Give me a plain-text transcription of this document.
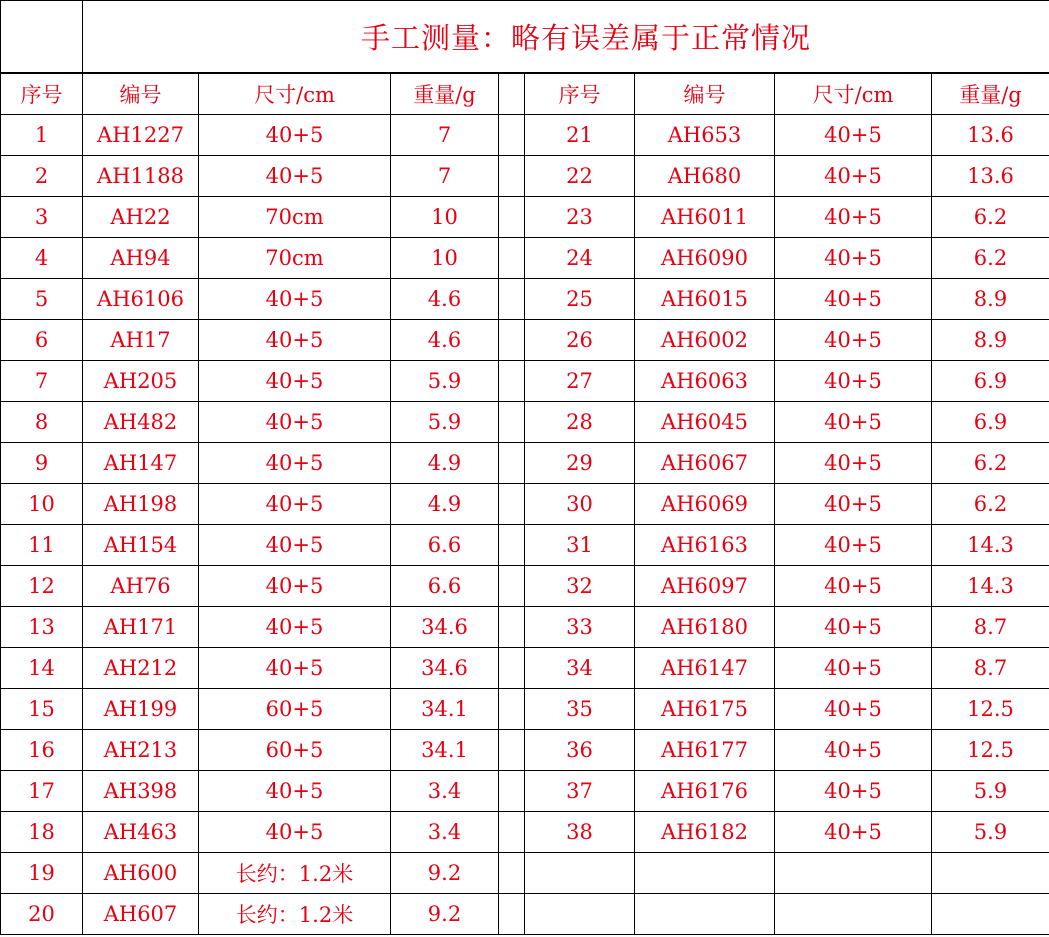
手工测量：略有误差属于正常情况
序号	编号	尺寸/cm	重量/g		序号	编号	尺寸/cm	重量/g
1	AH1227	40+5	7		21	AH653	40+5	13.6
2	AH1188	40+5	7		22	AH680	40+5	13.6
3	AH22	70cm	10		23	AH6011	40+5	6.2
4	AH94	70cm	10		24	AH6090	40+5	6.2
5	AH6106	40+5	4.6		25	AH6015	40+5	8.9
6	AH17	40+5	4.6		26	AH6002	40+5	8.9
7	AH205	40+5	5.9		27	AH6063	40+5	6.9
8	AH482	40+5	5.9		28	AH6045	40+5	6.9
9	AH147	40+5	4.9		29	AH6067	40+5	6.2
10	AH198	40+5	4.9		30	AH6069	40+5	6.2
11	AH154	40+5	6.6		31	AH6163	40+5	14.3
12	AH76	40+5	6.6		32	AH6097	40+5	14.3
13	AH171	40+5	34.6		33	AH6180	40+5	8.7
14	AH212	40+5	34.6		34	AH6147	40+5	8.7
15	AH199	60+5	34.1		35	AH6175	40+5	12.5
16	AH213	60+5	34.1		36	AH6177	40+5	12.5
17	AH398	40+5	3.4		37	AH6176	40+5	5.9
18	AH463	40+5	3.4		38	AH6182	40+5	5.9
19	AH600	长约：1.2米	9.2					
20	AH607	长约：1.2米	9.2					
